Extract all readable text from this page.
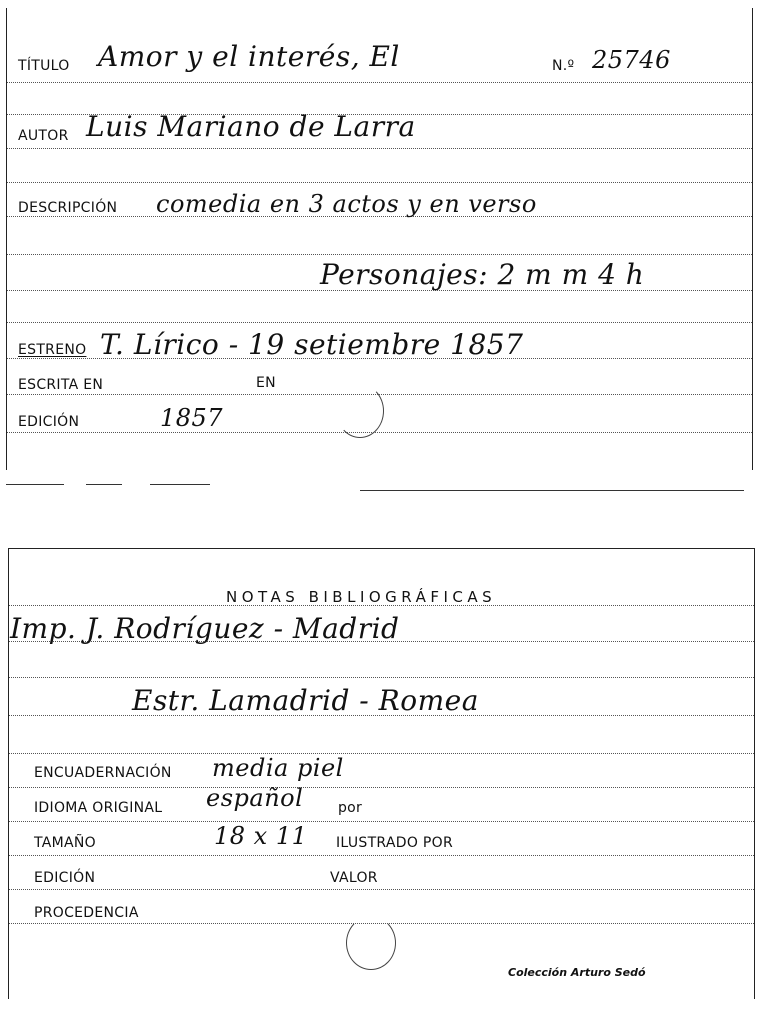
TÍTULO Amor y el interés, El	N.º 25746
AUTOR Luis Mariano de Larra
DESCRIPCIÓN comedia en 3 actos y en verso
Personajes: 2 m m 4 h
ESTRENO T. Lírico - 19 setiembre 1857
ESCRITA EN	EN
EDICIÓN	1857
NOTAS BIBLIOGRÁFICAS
Imp. J. Rodríguez - Madrid
Estr. Lamadrid - Romea
ENCUADERNACIÓN media piel
IDIOMA ORIGINAL español por
TAMAÑO	18 x 11 ILUSTRADO POR
EDICIÓN	VALOR
PROCEDENCIA
Colección Arturo Sedó
